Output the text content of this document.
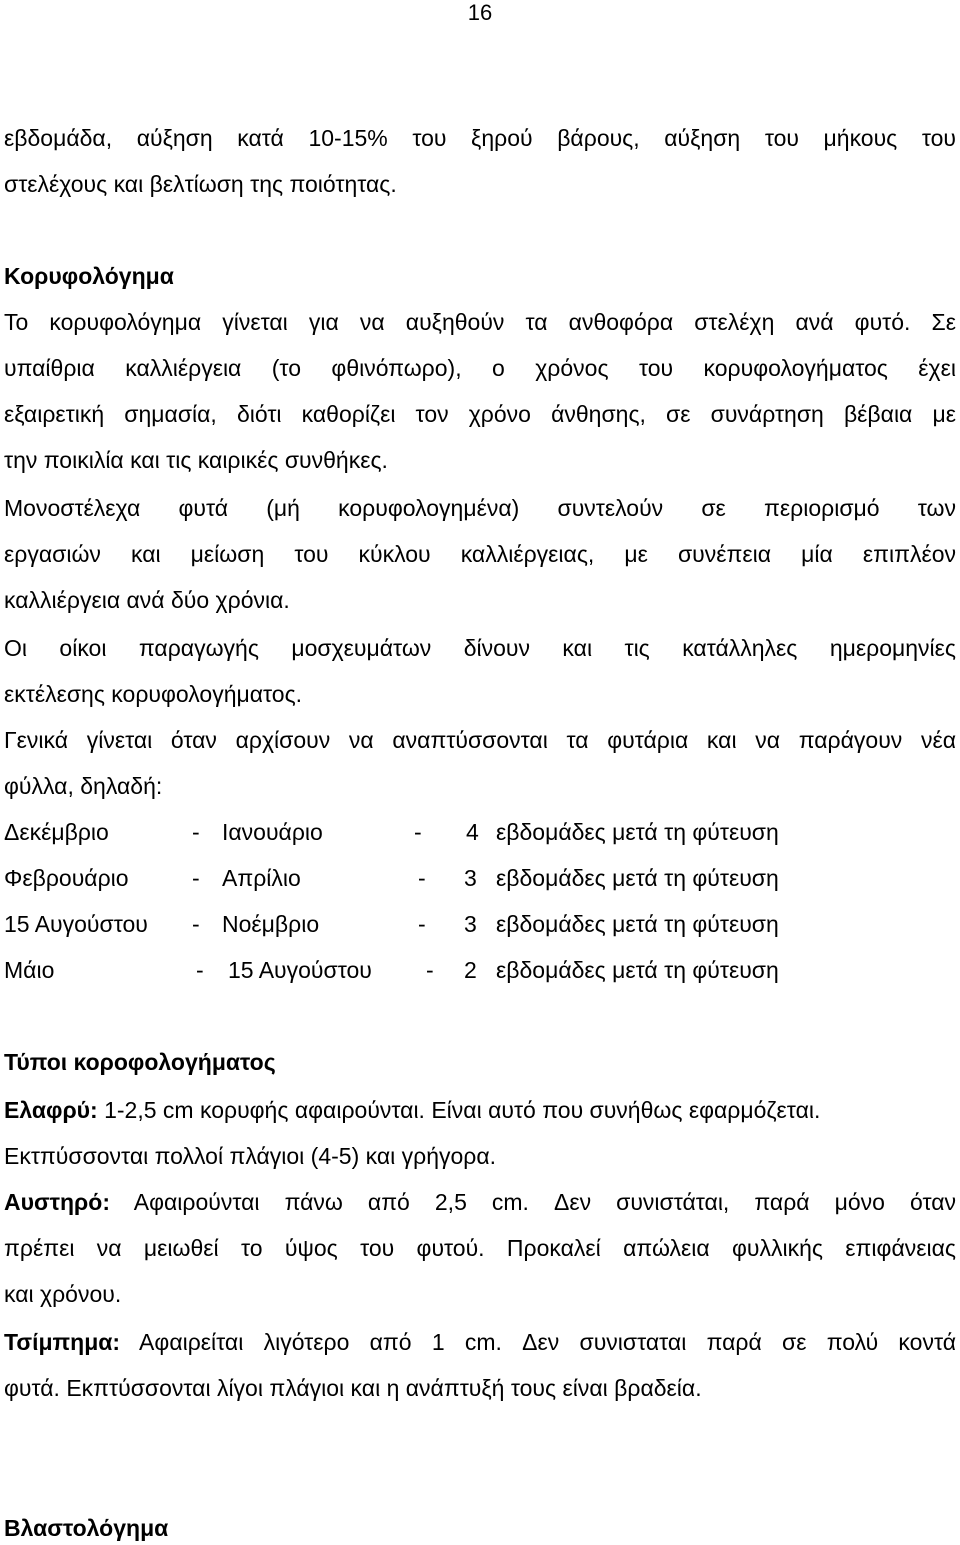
16
εβδομάδα, αύξηση κατά 10-15% του ξηρού βάρους, αύξηση του μήκους του
στελέχους και βελτίωση της ποιότητας.
Κορυφολόγημα
Το κορυφολόγημα γίνεται για να αυξηθούν τα ανθοφόρα στελέχη ανά φυτό. Σε
υπαίθρια καλλιέργεια (το φθινόπωρο), ο χρόνος του κορυφολογήματος έχει
εξαιρετική σημασία, διότι καθορίζει τον χρόνο άνθησης, σε συνάρτηση βέβαια με
την ποικιλία και τις καιρικές συνθήκες.
Μονοστέλεχα φυτά (μή κορυφολογημένα) συντελούν σε περιορισμό των
εργασιών και μείωση του κύκλου καλλιέργειας, με συνέπεια μία επιπλέον
καλλιέργεια ανά δύο χρόνια.
Οι οίκοι παραγωγής μοσχευμάτων δίνουν και τις κατάλληλες ημερομηνίες
εκτέλεσης κορυφολογήματος.
Γενικά γίνεται όταν αρχίσουν να αναπτύσσονται τα φυτάρια και να παράγουν νέα
φύλλα, δηλαδή:
Δεκέμβριο	- Ιανουάριο	- 4 εβδομάδες μετά τη φύτευση
Φεβρουάριο	- Απρίλιο	- 3 εβδομάδες μετά τη φύτευση
15 Αυγούστου - Νοέμβριο	- 3 εβδομάδες μετά τη φύτευση
Μάιο	- 15 Αυγούστου - 2 εβδομάδες μετά τη φύτευση
Τύποι κοροφολογήματος
Ελαφρύ: 1-2,5 cm κορυφής αφαιρούνται. Είναι αυτό που συνήθως εφαρμόζεται.
Εκτπύσσονται πολλοί πλάγιοι (4-5) και γρήγορα.
Αυστηρό: Αφαιρούνται πάνω από 2,5 cm. Δεν συνιστάται, παρά μόνο όταν
πρέπει να μειωθεί το ύψος του φυτού. Προκαλεί απώλεια φυλλικής επιφάνειας
και χρόνου.
Τσίμπημα: Αφαιρείται λιγότερο από 1 cm. Δεν συνισταται παρά σε πολύ κοντά
φυτά. Εκπτύσσονται λίγοι πλάγιοι και η ανάπτυξή τους είναι βραδεία.
Βλαστολόγημα
